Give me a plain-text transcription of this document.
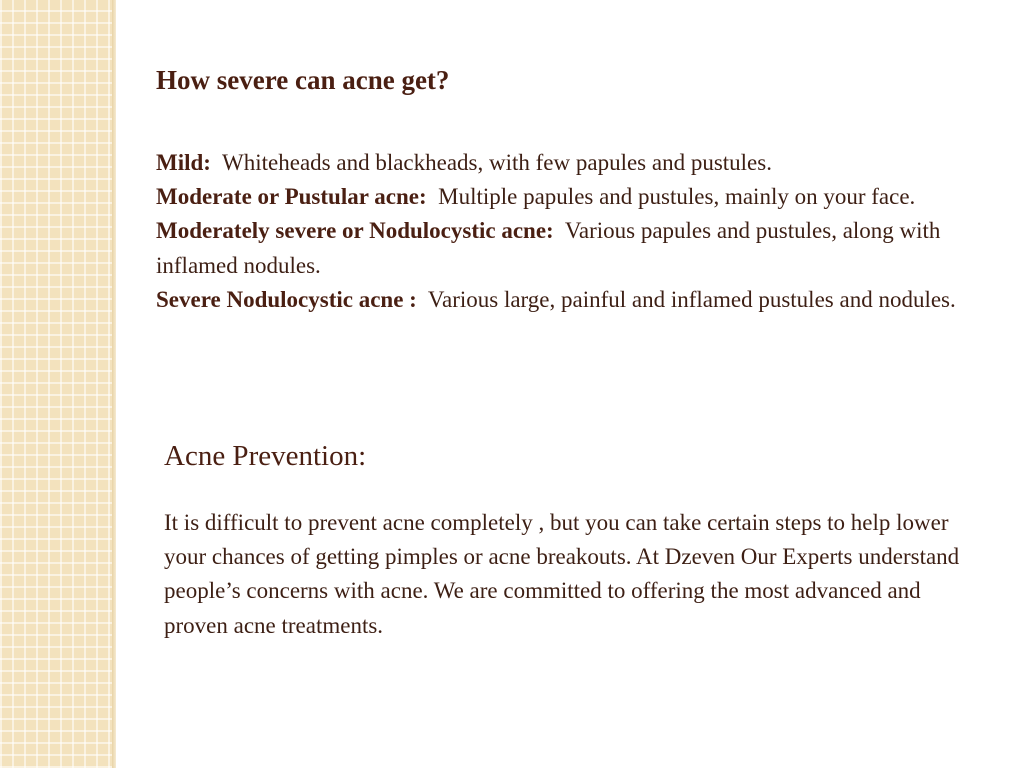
How severe can acne get?

Mild: Whiteheads and blackheads, with few papules and pustules.

Moderate or Pustular acne: Multiple papules and pustules, mainly on your face.

Moderately severe or Nodulocystic acne: Various papules and pustules, along with inflamed nodules.

Severe Nodulocystic acne : Various large, painful and inflamed pustules and nodules.

Acne Prevention:

It is difficult to prevent acne completely , but you can take certain steps to help lower your chances of getting pimples or acne breakouts. At Dzeven Our Experts understand people’s concerns with acne. We are committed to offering the most advanced and proven acne treatments.
